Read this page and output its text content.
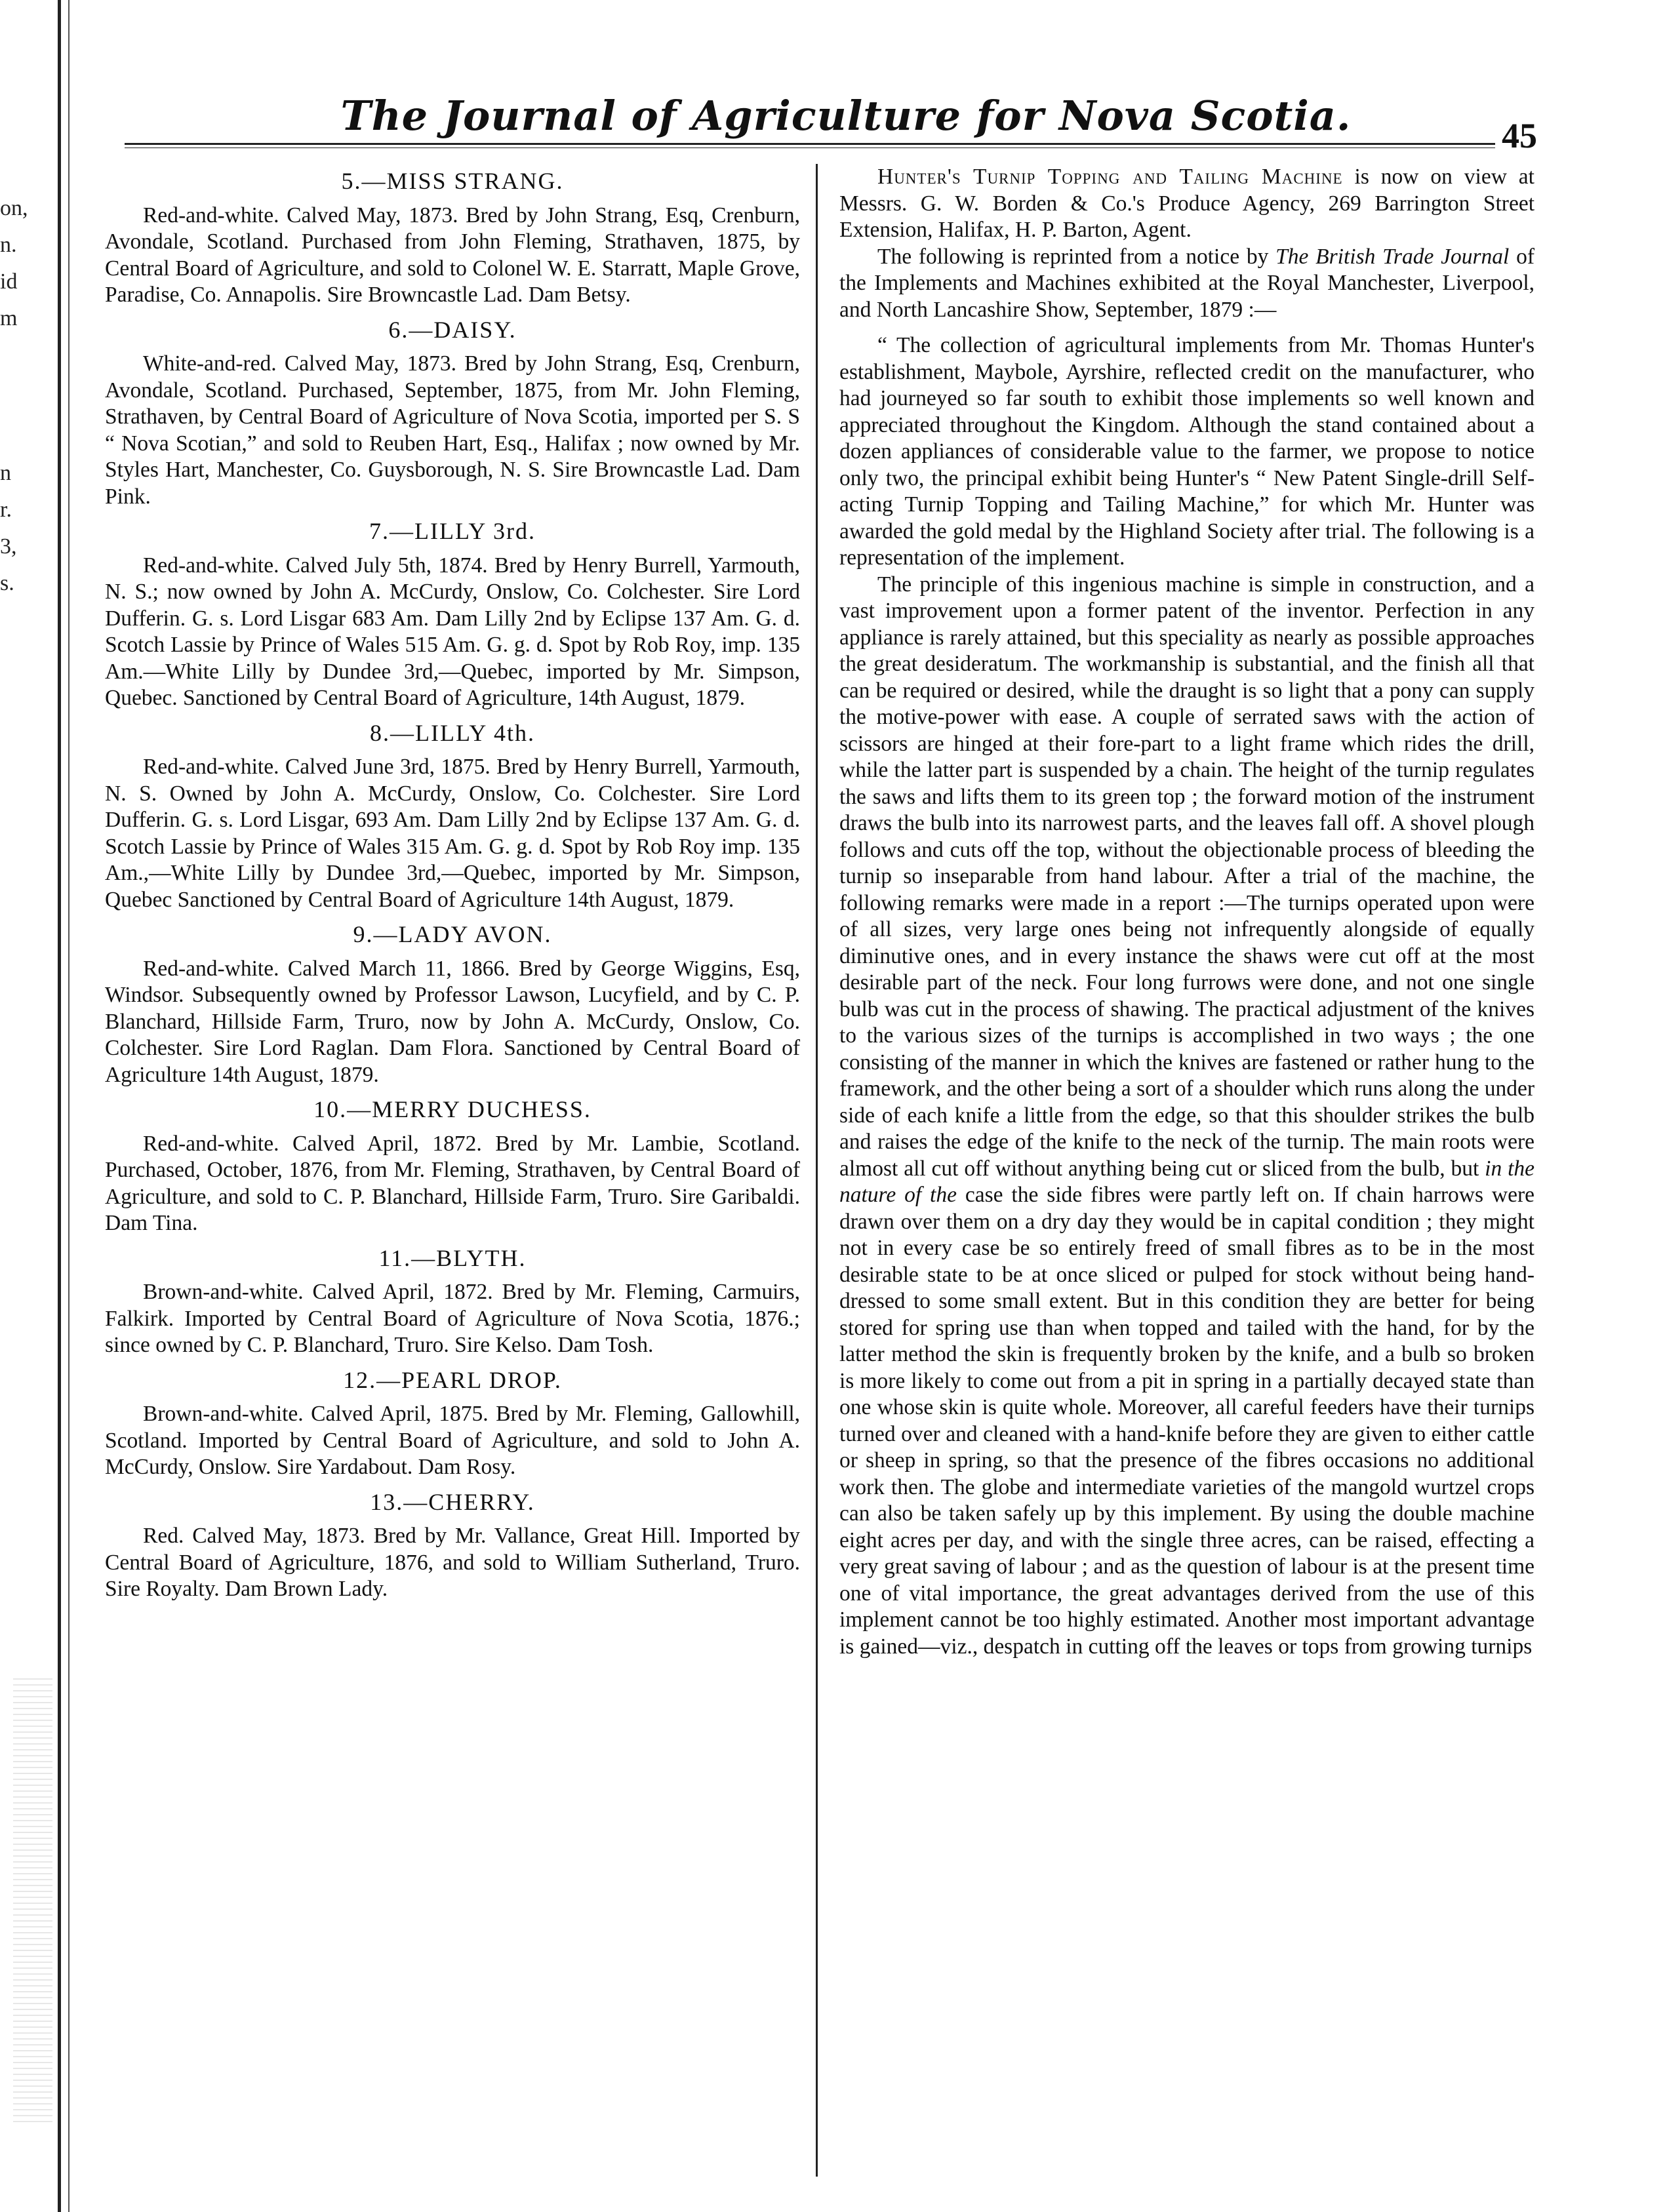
on,
n.
id
m
n
r.
3,
s.
The Journal of Agriculture for Nova Scotia.	45
5.—MISS STRANG.

Red-and-white. Calved May, 1873. Bred by John Strang, Esq, Crenburn, Avondale, Scotland. Purchased from John Fleming, Strathaven, 1875, by Central Board of Agriculture, and sold to Colonel W. E. Starratt, Maple Grove, Paradise, Co. Annapolis. Sire Browncastle Lad. Dam Betsy.

6.—DAISY.

White-and-red. Calved May, 1873. Bred by John Strang, Esq, Crenburn, Avondale, Scotland. Purchased, September, 1875, from Mr. John Fleming, Strathaven, by Central Board of Agriculture of Nova Scotia, imported per S. S “ Nova Scotian,” and sold to Reuben Hart, Esq., Halifax ; now owned by Mr. Styles Hart, Manchester, Co. Guysborough, N. S. Sire Browncastle Lad. Dam Pink.

7.—LILLY 3rd.

Red-and-white. Calved July 5th, 1874. Bred by Henry Burrell, Yarmouth, N. S.; now owned by John A. McCurdy, Onslow, Co. Colchester. Sire Lord Dufferin. G. s. Lord Lisgar 683 Am. Dam Lilly 2nd by Eclipse 137 Am. G. d. Scotch Lassie by Prince of Wales 515 Am. G. g. d. Spot by Rob Roy, imp. 135 Am.—White Lilly by Dundee 3rd,—Quebec, imported by Mr. Simpson, Quebec. Sanctioned by Central Board of Agriculture, 14th August, 1879.

8.—LILLY 4th.

Red-and-white. Calved June 3rd, 1875. Bred by Henry Burrell, Yarmouth, N. S. Owned by John A. McCurdy, Onslow, Co. Colchester. Sire Lord Dufferin. G. s. Lord Lisgar, 693 Am. Dam Lilly 2nd by Eclipse 137 Am. G. d. Scotch Lassie by Prince of Wales 315 Am. G. g. d. Spot by Rob Roy imp. 135 Am.,—White Lilly by Dundee 3rd,—Quebec, imported by Mr. Simpson, Quebec Sanctioned by Central Board of Agriculture 14th August, 1879.

9.—LADY AVON.

Red-and-white. Calved March 11, 1866. Bred by George Wiggins, Esq, Windsor. Subsequently owned by Professor Lawson, Lucyfield, and by C. P. Blanchard, Hillside Farm, Truro, now by John A. McCurdy, Onslow, Co. Colchester. Sire Lord Raglan. Dam Flora. Sanctioned by Central Board of Agriculture 14th August, 1879.

10.—MERRY DUCHESS.

Red-and-white. Calved April, 1872. Bred by Mr. Lambie, Scotland. Purchased, October, 1876, from Mr. Fleming, Strathaven, by Central Board of Agriculture, and sold to C. P. Blanchard, Hillside Farm, Truro. Sire Garibaldi. Dam Tina.

11.—BLYTH.

Brown-and-white. Calved April, 1872. Bred by Mr. Fleming, Carmuirs, Falkirk. Imported by Central Board of Agriculture of Nova Scotia, 1876.; since owned by C. P. Blanchard, Truro. Sire Kelso. Dam Tosh.

12.—PEARL DROP.

Brown-and-white. Calved April, 1875. Bred by Mr. Fleming, Gallowhill, Scotland. Imported by Central Board of Agriculture, and sold to John A. McCurdy, Onslow. Sire Yardabout. Dam Rosy.

13.—CHERRY.

Red. Calved May, 1873. Bred by Mr. Vallance, Great Hill. Imported by Central Board of Agriculture, 1876, and sold to William Sutherland, Truro. Sire Royalty. Dam Brown Lady.

Hunter's Turnip Topping and Tailing Machine is now on view at Messrs. G. W. Borden & Co.'s Produce Agency, 269 Barrington Street Extension, Halifax, H. P. Barton, Agent.

The following is reprinted from a notice by The British Trade Journal of the Implements and Machines exhibited at the Royal Manchester, Liverpool, and North Lancashire Show, September, 1879 :—

“ The collection of agricultural implements from Mr. Thomas Hunter's establishment, Maybole, Ayrshire, reflected credit on the manufacturer, who had journeyed so far south to exhibit those implements so well known and appreciated throughout the Kingdom. Although the stand contained about a dozen appliances of considerable value to the farmer, we propose to notice only two, the principal exhibit being Hunter's “ New Patent Single-drill Self-acting Turnip Topping and Tailing Machine,” for which Mr. Hunter was awarded the gold medal by the Highland Society after trial. The following is a representation of the implement.

The principle of this ingenious machine is simple in construction, and a vast improvement upon a former patent of the inventor. Perfection in any appliance is rarely attained, but this speciality as nearly as possible approaches the great desideratum. The workmanship is substantial, and the finish all that can be required or desired, while the draught is so light that a pony can supply the motive-power with ease. A couple of serrated saws with the action of scissors are hinged at their fore-part to a light frame which rides the drill, while the latter part is suspended by a chain. The height of the turnip regulates the saws and lifts them to its green top ; the forward motion of the instrument draws the bulb into its narrowest parts, and the leaves fall off. A shovel plough follows and cuts off the top, without the objectionable process of bleeding the turnip so inseparable from hand labour. After a trial of the machine, the following remarks were made in a report :—The turnips operated upon were of all sizes, very large ones being not infrequently alongside of equally diminutive ones, and in every instance the shaws were cut off at the most desirable part of the neck. Four long furrows were done, and not one single bulb was cut in the process of shawing. The practical adjustment of the knives to the various sizes of the turnips is accomplished in two ways ; the one consisting of the manner in which the knives are fastened or rather hung to the framework, and the other being a sort of a shoulder which runs along the under side of each knife a little from the edge, so that this shoulder strikes the bulb and raises the edge of the knife to the neck of the turnip. The main roots were almost all cut off without anything being cut or sliced from the bulb, but in the nature of the case the side fibres were partly left on. If chain harrows were drawn over them on a dry day they would be in capital condition ; they might not in every case be so entirely freed of small fibres as to be in the most desirable state to be at once sliced or pulped for stock without being hand-dressed to some small extent. But in this condition they are better for being stored for spring use than when topped and tailed with the hand, for by the latter method the skin is frequently broken by the knife, and a bulb so broken is more likely to come out from a pit in spring in a partially decayed state than one whose skin is quite whole. Moreover, all careful feeders have their turnips turned over and cleaned with a hand-knife before they are given to either cattle or sheep in spring, so that the presence of the fibres occasions no additional work then. The globe and intermediate varieties of the mangold wurtzel crops can also be taken safely up by this implement. By using the double machine eight acres per day, and with the single three acres, can be raised, effecting a very great saving of labour ; and as the question of labour is at the present time one of vital importance, the great advantages derived from the use of this implement cannot be too highly estimated. Another most important advantage is gained—viz., despatch in cutting off the leaves or tops from growing turnips
